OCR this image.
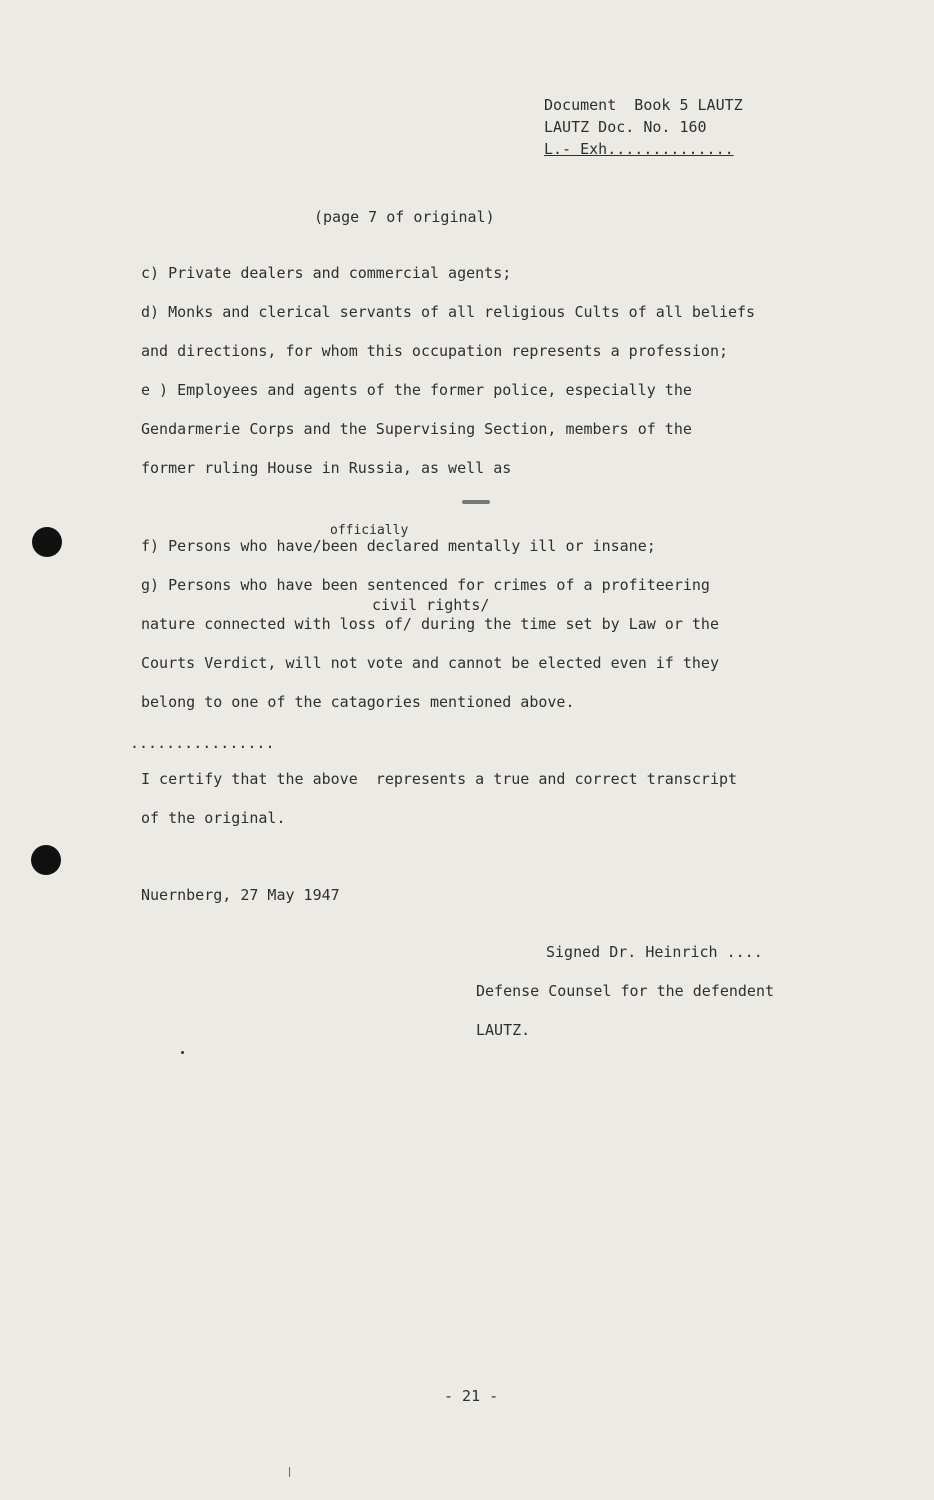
Document  Book 5 LAUTZ
LAUTZ Doc. No. 160
L.- Exh..............
(page 7 of original)
c) Private dealers and commercial agents;
d) Monks and clerical servants of all religious Cults of all beliefs
and directions, for whom this occupation represents a profession;
e ) Employees and agents of the former police, especially the
Gendarmerie Corps and the Supervising Section, members of the
former ruling House in Russia, as well as
officially
f) Persons who have/been declared mentally ill or insane;
g) Persons who have been sentenced for crimes of a profiteering
civil rights/
nature connected with loss of/ during the time set by Law or the
Courts Verdict, will not vote and cannot be elected even if they
belong to one of the catagories mentioned above.
................
I certify that the above  represents a true and correct transcript
of the original.
Nuernberg, 27 May 1947
Signed Dr. Heinrich ....
Defense Counsel for the defendent
LAUTZ.
- 21 -
